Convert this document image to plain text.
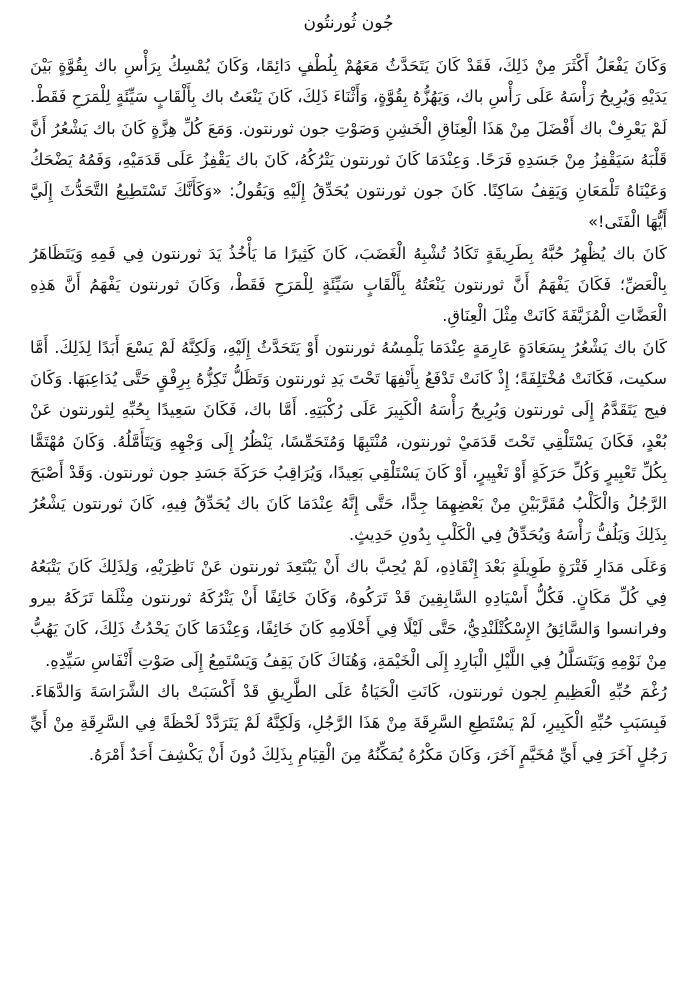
جُون ثُورنتُون

وَكَانَ يَفْعَلُ أَكْثَرَ مِنْ ذَلِكَ، فَقَدْ كَانَ يَتَحَدَّثُ مَعَهُمْ بِلُطْفٍ دَائِمًا، وَكَانَ يُمْسِكُ بِرَأْسِ باك بِقُوَّةٍ بَيْنَ يَدَيْهِ وَيُرِيحُ رَأْسَهُ عَلَى رَأْسِ باك، وَيَهُزُّهُ بِقُوَّةٍ، وَأَثْنَاءَ ذَلِكَ، كَانَ يَنْعَتُ باك بِأَلْقَابٍ سَيِّئَةٍ لِلْمَرَحِ فَقَطْ. لَمْ يَعْرِفْ باك أَفْضَلَ مِنْ هَذَا الْعِنَاقِ الْخَشِنِ وَصَوْتِ جون ثورنتون. وَمَعَ كُلِّ هِزَّةٍ كَانَ باك يَشْعُرُ أَنَّ قَلْبَهُ سَيَقْفِزُ مِنْ جَسَدِهِ فَرَحًا. وَعِنْدَمَا كَانَ ثورنتون يَتْرُكُهُ، كَانَ باك يَقْفِزُ عَلَى قَدَمَيْهِ، وَفَمُهُ يَضْحَكُ وَعَيْنَاهُ تَلْمَعَانِ وَيَقِفُ سَاكِنًا. كَانَ جون ثورنتون يُحَدِّقُ إِلَيْهِ وَيَقُولُ: «وَكَأَنَّكَ تَسْتَطِيعُ التَّحَدُّثَ إِلَيَّ أَيُّهَا الْفَتَى!»

كَانَ باك يُظْهِرُ حُبَّهُ بِطَرِيقَةٍ تَكَادُ تُشْبِهُ الْغَضَبَ، كَانَ كَثِيرًا مَا يَأْخُذُ يَدَ ثورنتون فِي فَمِهِ وَيَتَظَاهَرُ بِالْعَضِّ؛ فَكَانَ يَفْهَمُ أَنَّ ثورنتون يَنْعَتُهُ بِأَلْقَابٍ سَيِّئَةٍ لِلْمَرَحِ فَقَطْ، وَكَانَ ثورنتون يَفْهَمُ أَنَّ هَذِهِ الْعَضَّاتِ الْمُزَيَّفَةَ كَانَتْ مِثْلَ الْعِنَاقِ.

كَانَ باك يَشْعُرُ بِسَعَادَةٍ عَارِمَةٍ عِنْدَمَا يَلْمِسُهُ ثورنتون أَوْ يَتَحَدَّثُ إِلَيْهِ، وَلَكِنَّهُ لَمْ يَسْعَ أَبَدًا لِذَلِكَ. أَمَّا سكيت، فَكَانَتْ مُخْتَلِفَةً؛ إِذْ كَانَتْ تَدْفَعُ بِأَنْفِهَا تَحْتَ يَدِ ثورنتون وَتَظَلُّ تَكِزُّهُ بِرِفْقٍ حَتَّى يُدَاعِبَهَا. وَكَانَ فيج يَتَقَدَّمُ إِلَى ثورنتون وَيُرِيحُ رَأْسَهُ الْكَبِيرَ عَلَى رُكْبَتِهِ. أَمَّا باك، فَكَانَ سَعِيدًا بِحُبِّهِ لِثورنتون عَنْ بُعْدٍ، فَكَانَ يَسْتَلْقِي تَحْتَ قَدَمَيْ ثورنتون، مُنْتَبِهًا وَمُتَحَمِّسًا، يَنْظُرُ إِلَى وَجْهِهِ وَيَتَأَمَّلُهُ. وَكَانَ مُهْتَمًّا بِكُلِّ تَعْبِيرٍ وَكُلِّ حَرَكَةٍ أَوْ تَغْيِيرٍ، أَوْ كَانَ يَسْتَلْقِي بَعِيدًا، وَيُرَاقِبُ حَرَكَةَ جَسَدِ جون ثورنتون. وَقَدْ أَصْبَحَ الرَّجُلُ وَالْكَلْبُ مُقَرَّبَيْنِ مِنْ بَعْضِهِمَا جِدًّا، حَتَّى إِنَّهُ عِنْدَمَا كَانَ باك يُحَدِّقُ فِيهِ، كَانَ ثورنتون يَشْعُرُ بِذَلِكَ وَيَلُفُّ رَأْسَهُ وَيُحَدِّقُ فِي الْكَلْبِ بِدُونِ حَدِيثٍ.

وَعَلَى مَدَارِ فَتْرَةٍ طَوِيلَةٍ بَعْدَ إِنْقَاذِهِ، لَمْ يُحِبَّ باك أَنْ يَبْتَعِدَ ثورنتون عَنْ نَاظِرَيْهِ، وَلِذَلِكَ كَانَ يَتْبَعُهُ فِي كُلِّ مَكَانٍ. فَكُلُّ أَسْيَادِهِ السَّابِقِينَ قَدْ تَرَكُوهُ، وَكَانَ خَائِفًا أَنْ يَتْرُكَهُ ثورنتون مِثْلَمَا تَرَكَهُ بيرو وفرانسوا وَالسَّائِقُ الإِسْكُتْلَنْدِيُّ، حَتَّى لَيْلًا فِي أَحْلَامِهِ كَانَ خَائِفًا، وَعِنْدَمَا كَانَ يَحْدُثُ ذَلِكَ، كَانَ يَهُبُّ مِنْ نَوْمِهِ وَيَتَسَلَّلُ فِي اللَّيْلِ الْبَارِدِ إِلَى الْخَيْمَةِ، وَهُنَاكَ كَانَ يَقِفُ وَيَسْتَمِعُ إِلَى صَوْتِ أَنْفَاسِ سَيِّدِهِ.

رُغْمَ حُبِّهِ الْعَظِيمِ لِجون ثورنتون، كَانَتِ الْحَيَاةُ عَلَى الطَّرِيقِ قَدْ أَكْسَبَتْ باك الشَّرَاسَةَ وَالدَّهَاءَ. فَبِسَبَبِ حُبِّهِ الْكَبِيرِ، لَمْ يَسْتَطِعِ السَّرِقَةَ مِنْ هَذَا الرَّجُلِ، وَلَكِنَّهُ لَمْ يَتَرَدَّدْ لَحْظَةً فِي السَّرِقَةِ مِنْ أَيِّ رَجُلٍ آخَرَ فِي أَيِّ مُخَيَّمٍ آخَرَ، وَكَانَ مَكْرُهُ يُمَكِّنُهُ مِنَ الْقِيَامِ بِذَلِكَ دُونَ أَنْ يَكْشِفَ أَحَدٌ أَمْرَهُ.
